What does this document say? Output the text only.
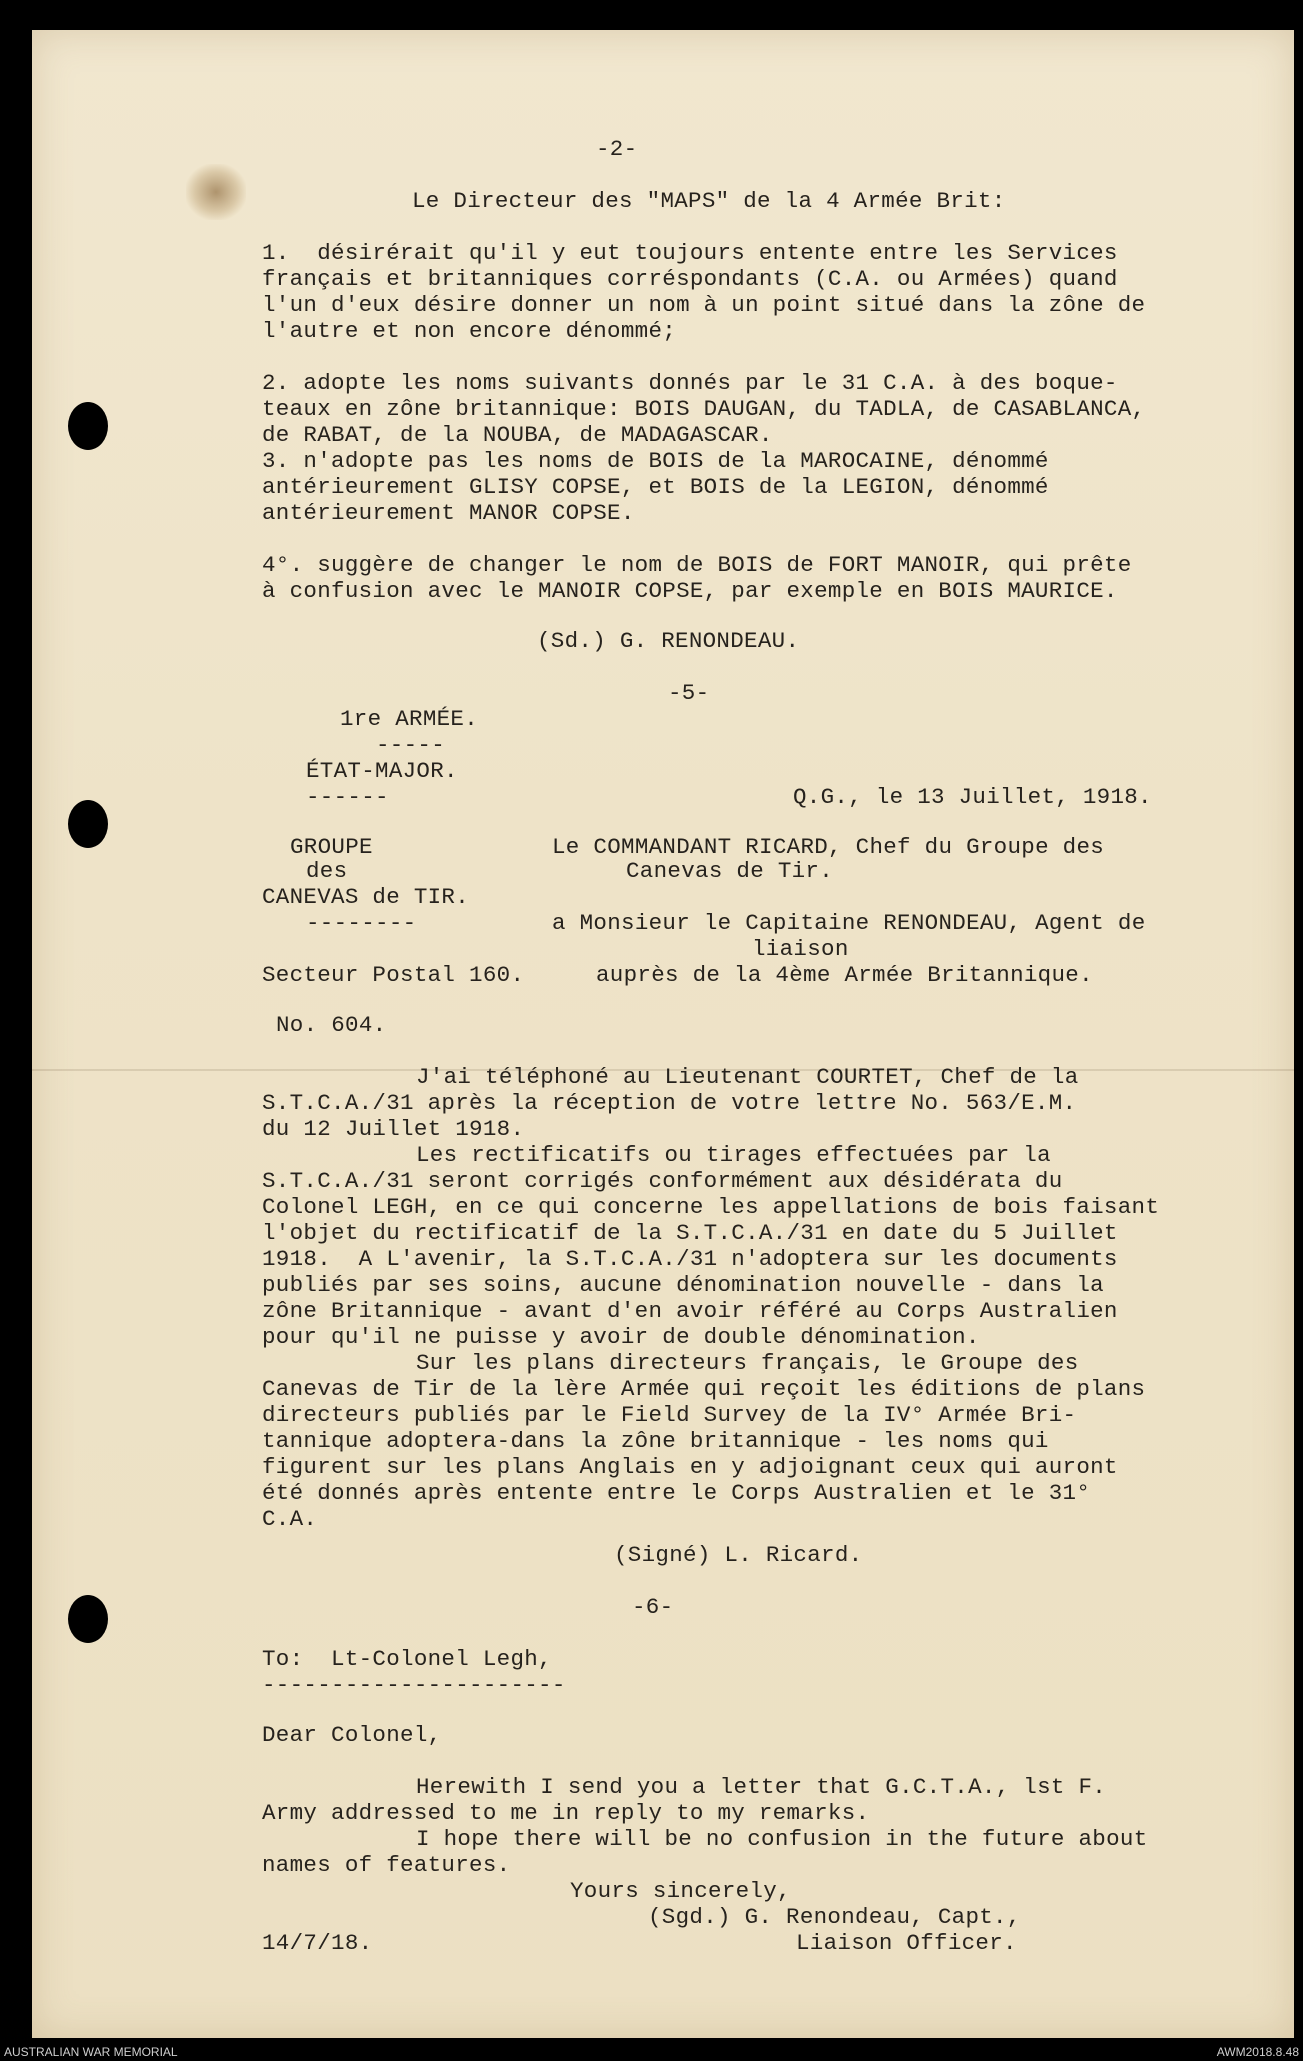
-2-
Le Directeur des "MAPS" de la 4 Armée Brit:
1.  désirérait qu'il y eut toujours entente entre les Services
français et britanniques corréspondants (C.A. ou Armées) quand
l'un d'eux désire donner un nom à un point situé dans la zône de
l'autre et non encore dénommé;
2. adopte les noms suivants donnés par le 31 C.A. à des boque-
teaux en zône britannique: BOIS DAUGAN, du TADLA, de CASABLANCA,
de RABAT, de la NOUBA, de MADAGASCAR.
3. n'adopte pas les noms de BOIS de la MAROCAINE, dénommé
antérieurement GLISY COPSE, et BOIS de la LEGION, dénommé
antérieurement MANOR COPSE.
4°. suggère de changer le nom de BOIS de FORT MANOIR, qui prête
à confusion avec le MANOIR COPSE, par exemple en BOIS MAURICE.
(Sd.) G. RENONDEAU.
-5-
1re ARMÉE.
-----
ÉTAT-MAJOR.
------	Q.G., le 13 Juillet, 1918.
GROUPE	Le COMMANDANT RICARD, Chef du Groupe des
des	Canevas de Tir.
CANEVAS de TIR.
--------	a Monsieur le Capitaine RENONDEAU, Agent de
liaison
Secteur Postal 160.	auprès de la 4ème Armée Britannique.
No. 604.
J'ai téléphoné au Lieutenant COURTET, Chef de la
S.T.C.A./31 après la réception de votre lettre No. 563/E.M.
du 12 Juillet 1918.
Les rectificatifs ou tirages effectuées par la
S.T.C.A./31 seront corrigés conformément aux désidérata du
Colonel LEGH, en ce qui concerne les appellations de bois faisant
l'objet du rectificatif de la S.T.C.A./31 en date du 5 Juillet
1918.  A L'avenir, la S.T.C.A./31 n'adoptera sur les documents
publiés par ses soins, aucune dénomination nouvelle - dans la
zône Britannique - avant d'en avoir référé au Corps Australien
pour qu'il ne puisse y avoir de double dénomination.
Sur les plans directeurs français, le Groupe des
Canevas de Tir de la lère Armée qui reçoit les éditions de plans
directeurs publiés par le Field Survey de la IV° Armée Bri-
tannique adoptera-dans la zône britannique - les noms qui
figurent sur les plans Anglais en y adjoignant ceux qui auront
été donnés après entente entre le Corps Australien et le 31°
C.A.
(Signé) L. Ricard.
-6-
To:  Lt-Colonel Legh,
----------------------
Dear Colonel,
Herewith I send you a letter that G.C.T.A., lst F.
Army addressed to me in reply to my remarks.
I hope there will be no confusion in the future about
names of features.
Yours sincerely,
(Sgd.) G. Renondeau, Capt.,
14/7/18.	Liaison Officer.
AUSTRALIAN WAR MEMORIAL	AWM2018.8.48
